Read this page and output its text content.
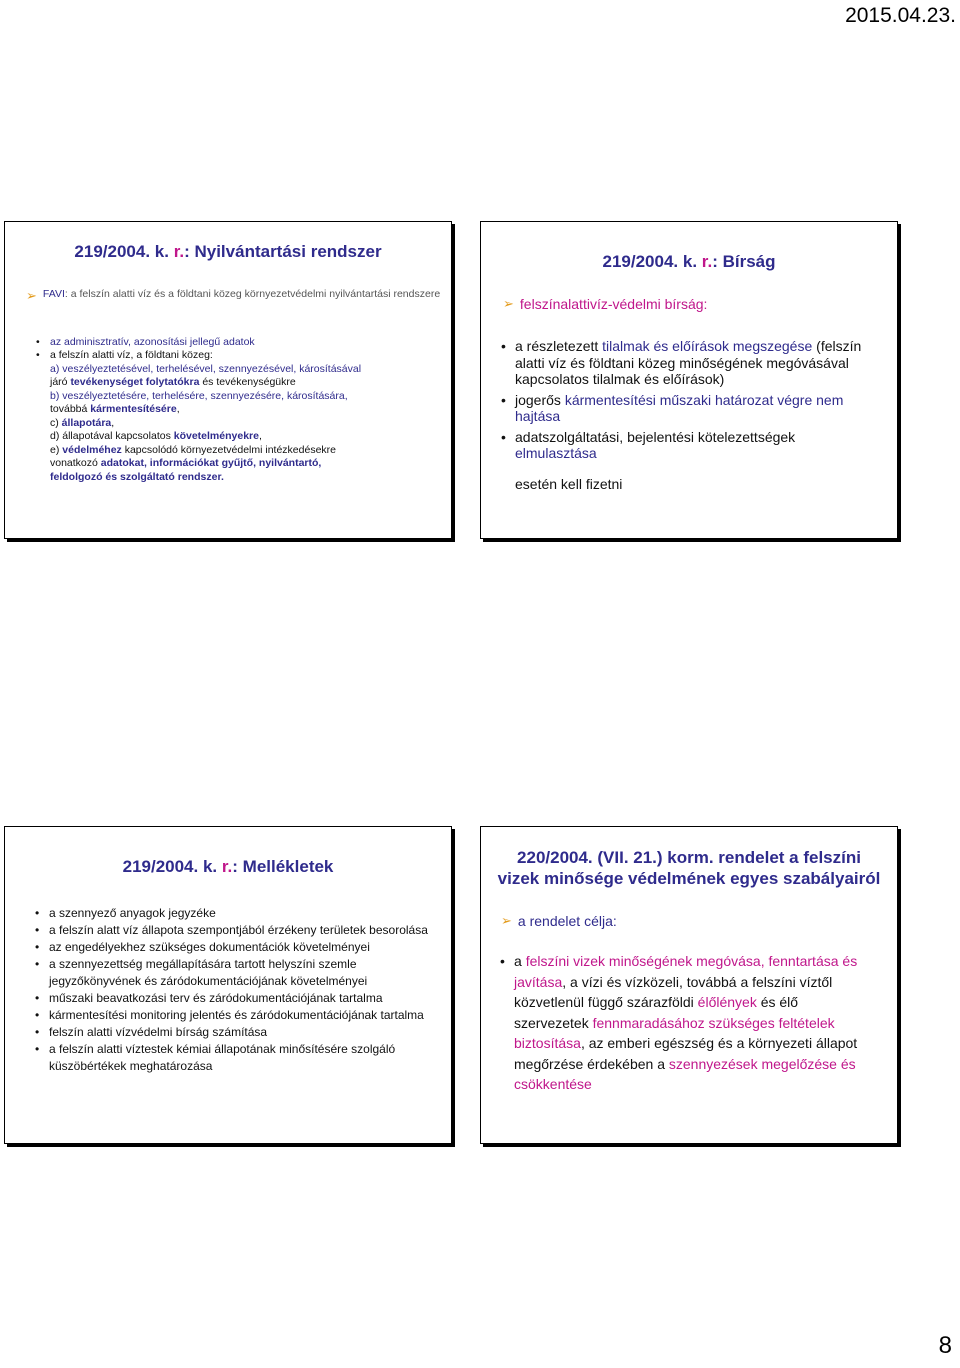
2015.04.23.
219/2004. k. r.: Nyilvántartási rendszer
➢ FAVI: a felszín alatti víz és a földtani közeg környezetvédelmi nyilvántartási rendszere
• az adminisztratív, azonosítási jellegű adatok
• a felszín alatti víz, a földtani közeg:
a) veszélyeztetésével, terhelésével, szennyezésével, károsításával
járó tevékenységet folytatókra és tevékenységükre
b) veszélyeztetésére, terhelésére, szennyezésére, károsítására,
továbbá kármentesítésére,
c) állapotára,
d) állapotával kapcsolatos követelményekre,
e) védelméhez kapcsolódó környezetvédelmi intézkedésekre
vonatkozó adatokat, információkat gyűjtő, nyilvántartó,
feldolgozó és szolgáltató rendszer.
219/2004. k. r.: Bírság
➢ felszínalattivíz-védelmi bírság:
• a részletezett tilalmak és előírások megszegése (felszín alatti víz és földtani közeg minőségének megóvásával kapcsolatos tilalmak és előírások)
• jogerős kármentesítési műszaki határozat végre nem hajtása
• adatszolgáltatási, bejelentési kötelezettségek elmulasztása
esetén kell fizetni
219/2004. k. r.: Mellékletek
• a szennyező anyagok jegyzéke
• a felszín alatt víz állapota szempontjából érzékeny területek besorolása
• az engedélyekhez szükséges dokumentációk követelményei
• a szennyezettség megállapítására tartott helyszíni szemle jegyzőkönyvének és záródokumentációjának követelményei
• műszaki beavatkozási terv és záródokumentációjának tartalma
• kármentesítési monitoring jelentés és záródokumentációjának tartalma
• felszín alatti vízvédelmi bírság számítása
• a felszín alatti víztestek kémiai állapotának minősítésére szolgáló küszöbértékek meghatározása
220/2004. (VII. 21.) korm. rendelet a felszíni
vizek minősége védelmének egyes szabályairól
➢ a rendelet célja:
• a felszíni vizek minőségének megóvása, fenntartása és javítása, a vízi és vízközeli, továbbá a felszíni víztől közvetlenül függő szárazföldi élőlények és élő szervezetek fennmaradásához szükséges feltételek biztosítása, az emberi egészség és a környezeti állapot megőrzése érdekében a szennyezések megelőzése és csökkentése
8
